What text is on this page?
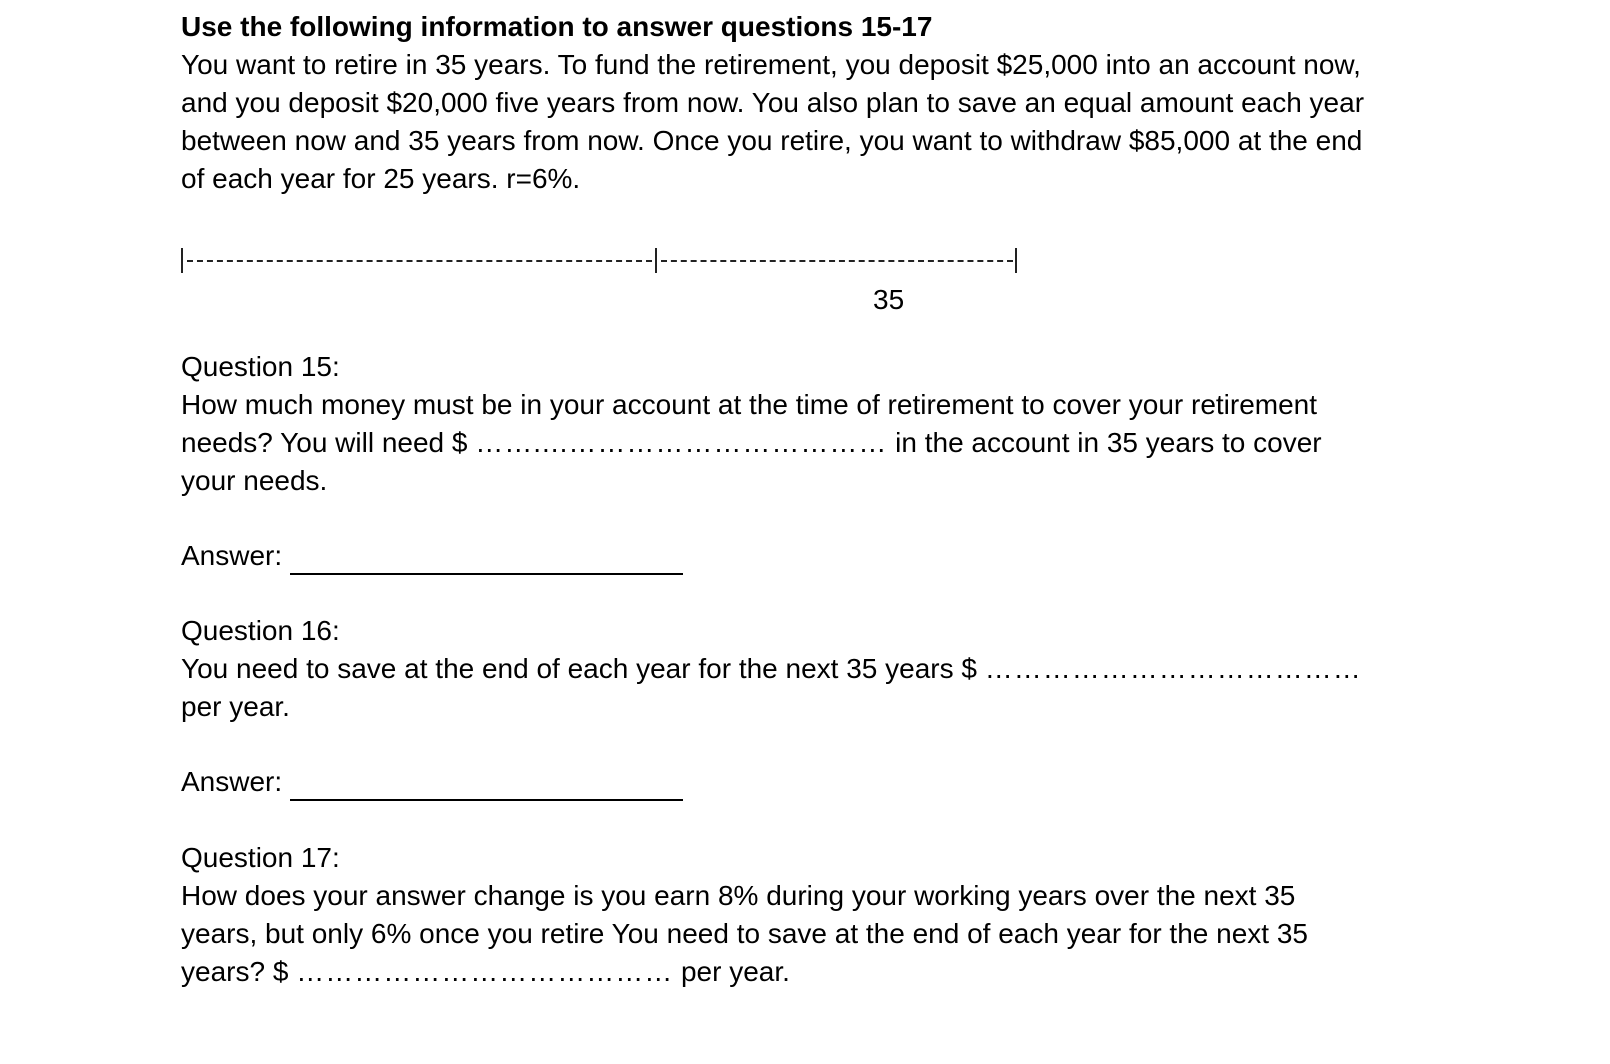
Use the following information to answer questions 15-17

You want to retire in 35 years. To fund the retirement, you deposit $25,000 into an account now,

and you deposit $20,000 five years from now. You also plan to save an equal amount each year

between now and 35 years from now. Once you retire, you want to withdraw $85,000 at the end

of each year for 25 years. r=6%.

35

Question 15:

How much money must be in your account at the time of retirement to cover your retirement

needs? You will need $ ……....…………………………… in the account in 35 years to cover

your needs.

Answer:

Question 16:

You need to save at the end of each year for the next 35 years $ …………………………………

per year.

Answer:

Question 17:

How does your answer change is you earn 8% during your working years over the next 35

years, but only 6% once you retire You need to save at the end of each year for the next 35

years? $ ………………………………… per year.
